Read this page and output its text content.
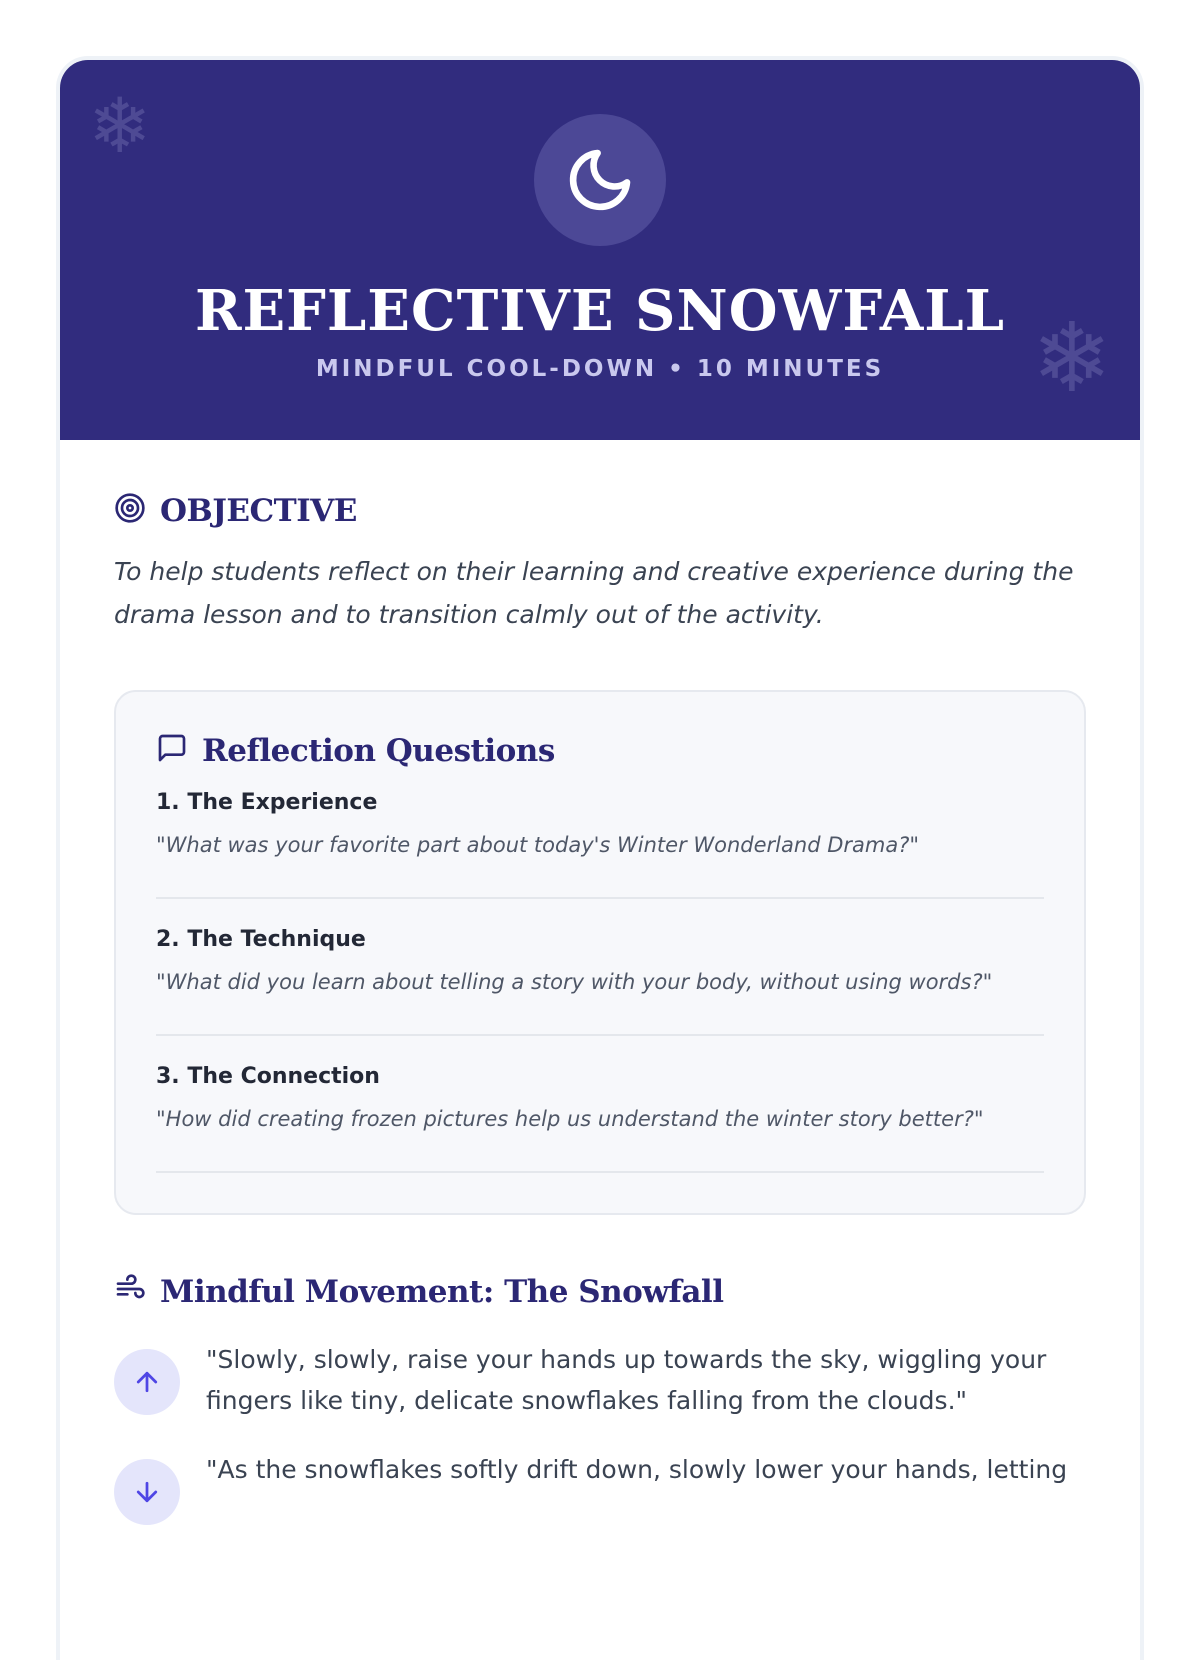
❄
❄
REFLECTIVE SNOWFALL
MINDFUL COOL-DOWN • 10 MINUTES
OBJECTIVE

To help students reflect on their learning and creative experience during the drama lesson and to transition calmly out of the activity.

Reflection Questions
1. The Experience
"What was your favorite part about today's Winter Wonderland Drama?"
2. The Technique
"What did you learn about telling a story with your body, without using words?"
3. The Connection
"How did creating frozen pictures help us understand the winter story better?"
Mindful Movement: The Snowfall
"Slowly, slowly, raise your hands up towards the sky, wiggling your fingers like tiny, delicate snowflakes falling from the clouds."
"As the snowflakes softly drift down, slowly lower your hands, letting
